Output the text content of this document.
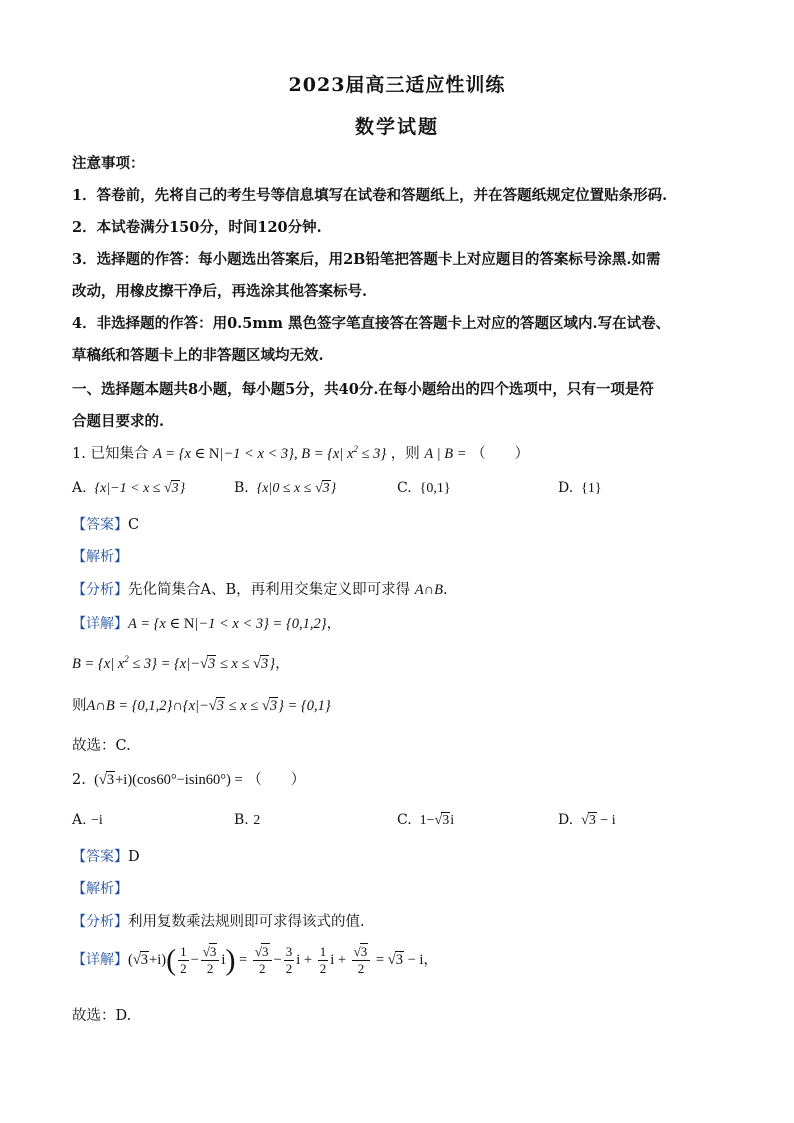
2023届高三适应性训练
数学试题
注意事项：
1．答卷前，先将自己的考生号等信息填写在试卷和答题纸上，并在答题纸规定位置贴条形码.
2．本试卷满分150分，时间120分钟.
3．选择题的作答：每小题选出答案后，用2B铅笔把答题卡上对应题目的答案标号涂黑.如需
改动，用橡皮擦干净后，再选涂其他答案标号.
4．非选择题的作答：用0.5mm 黑色签字笔直接答在答题卡上对应的答题区域内.写在试卷、
草稿纸和答题卡上的非答题区域均无效.
一、选择题本题共8小题，每小题5分，共40分.在每小题给出的四个选项中，只有一项是符
合题目要求的.
1. 已知集合 A = {x ∈ N|−1 < x < 3}, B = {x| $x^2 \le 3$} ，则 A | B = （　　）
A.  {x|−1 < x ≤ √3}	B.  {x|0 ≤ x ≤ √3}	C.  {0,1}	D.  {1}
【答案】C
【解析】
【分析】先化简集合A、B，再利用交集定义即可求得 A∩B.
【详解】A = {x ∈ N|−1 < x < 3} = {0,1,2}，
B = {x| $x^2 \le 3\} = \{x|-√3 \le x \le √3\}$，
则A∩B = {0,1,2}∩{x|−√3 ≤ x ≤ √3} = {0,1}
故选：C.
2.  (√3+i)(cos60°−isin60°) = （　　）
A. −i	B. 2	C.  1−√3i	D.  √3 − i
【答案】D
【解析】
【分析】利用复数乘法规则即可求得该式的值.
【详解】$(√3+i)( \frac{1}{2} - \frac{√3}{2} i) = \frac{√3}{2} - \frac{3}{2}$ $i + \frac{1}{2}$ $i + \frac{√3}{2} = √3 - i$，
故选：D.
